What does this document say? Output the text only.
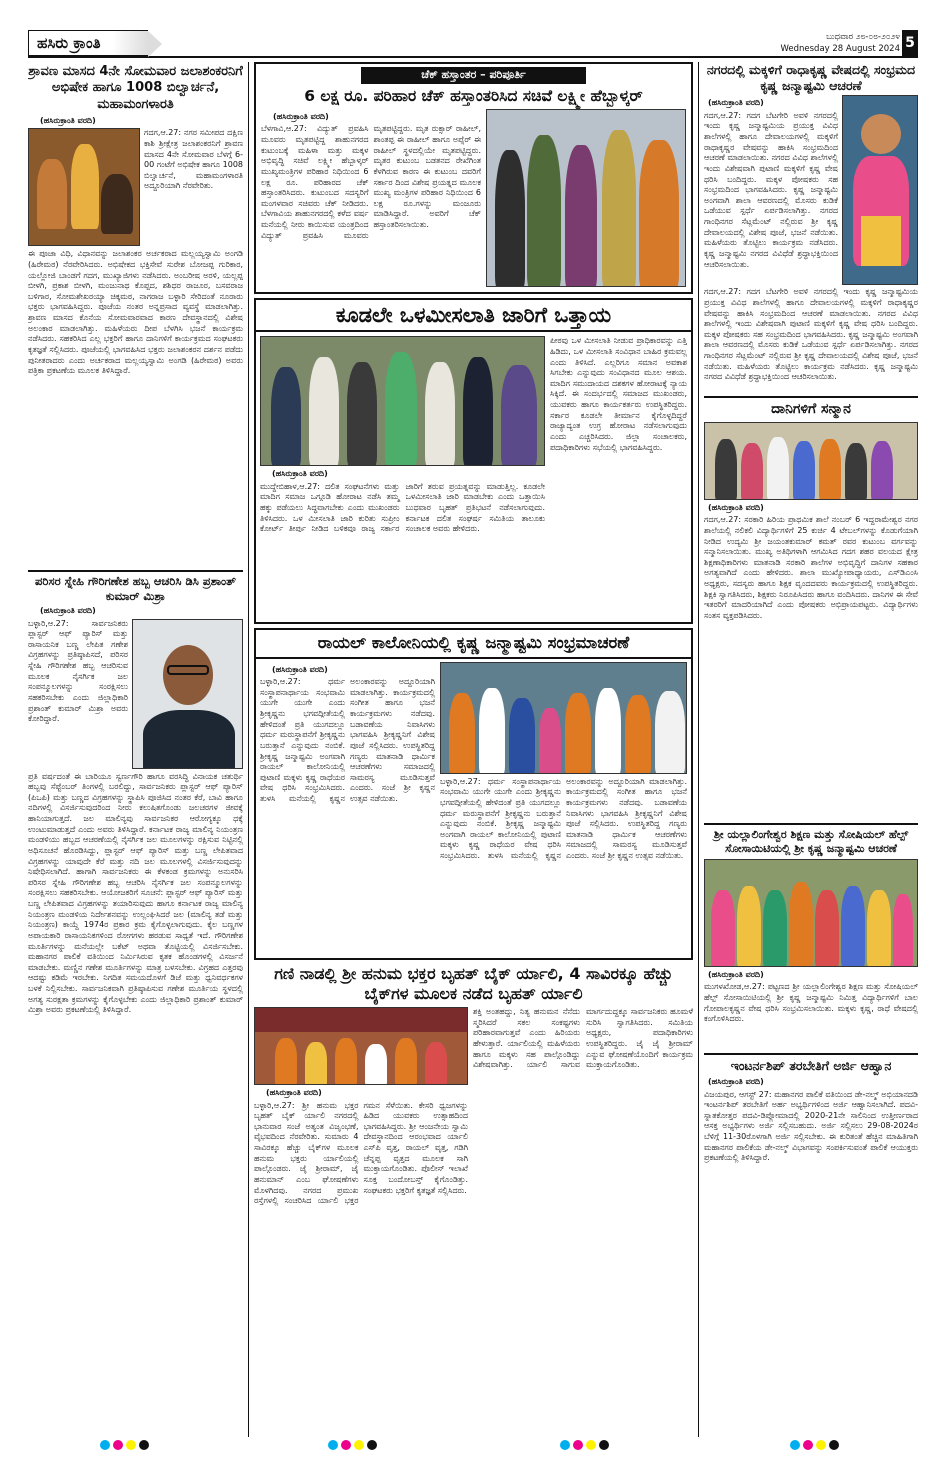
ಹಸಿರು ಕ್ರಾಂತಿ	ಬುಧವಾರ ೨೮-೦೮-೨೦೨೪
Wednesday 28 August 2024 5
ಶ್ರಾವಣ ಮಾಸದ 4ನೇ ಸೋಮವಾರ ಜಲಾಶಂಕರನಿಗೆ ಅಭಿಷೇಕ ಹಾಗೂ 1008 ಬಿಲ್ವಾರ್ಚನೆ, ಮಹಾಮಂಗಳಾರತಿ
(ಹಸಿರುಕ್ರಾಂತಿ ವರದಿ)
ಗದಗ,ಆ.27: ನಗರ ಸಮೀಪದ ದಕ್ಷಿಣ ಕಾಶಿ ಶ್ರೀಕ್ಷೇತ್ರ ಜಲಾಶಂಕರನಿಗೆ ಶ್ರಾವಣ ಮಾಸದ 4ನೇ ಸೋಮವಾರ ಬೆಳಗ್ಗೆ 6-00 ಗಂಟೆಗೆ ಅಭಿಷೇಕ ಹಾಗೂ 1008 ಬಿಲ್ವಾರ್ಚನೆ, ಮಹಾಮಂಗಳಾರತಿ ಅದ್ದೂರಿಯಾಗಿ ನೆರವೇರಿತು.
ಈ ಪೂಜಾ ವಿಧಿ, ವಿಧಾನವನ್ನು ಜಲಾಶಂಕರ ಅರ್ಚಕರಾದ ಮಲ್ಲಯ್ಯಸ್ವಾಮಿ ಅಂಗಡಿ (ಹಿರೇಮಠ) ನೆರವೇರಿಸಿದರು. ಅಭಿಷೇಕದ ಭಕ್ತಿಸೇವೆ ಸುರೇಶ ಬೋಜಪ್ಪ ಗುರಿಕಾರ, ಯಲ್ಲೋಜಿ ಬಾಂಡಗೆ ಗದಗ, ಮುಖ್ಯಾಜಿಗಳು ನಡೆಸಿದರು. ಅಂಬರೀಷ ಅರಳಿ, ಯಲ್ಲಪ್ಪ ಬೀಳಗಿ, ಪ್ರಕಾಶ ಬೀಳಗಿ, ಮಂಜುನಾಥ ಕೊಪ್ಪದ, ಶಶಿಧರ ರಾಜೂರ, ಬಸವರಾಜ ಬಳಿಗಾರ, ಸೋಮಶೇಖರಯ್ಯಾ ಚಿಕ್ಕಮಠ, ನಾಗರಾಜ ಬಳ್ಳಾರಿ ಸೇರಿದಂತೆ ನೂರಾರು ಭಕ್ತರು ಭಾಗವಹಿಸಿದ್ದರು. ಪೂಜೆಯ ನಂತರ ಅನ್ನಪ್ರಸಾದ ವ್ಯವಸ್ಥೆ ಮಾಡಲಾಗಿತ್ತು. ಶ್ರಾವಣ ಮಾಸದ ಕೊನೆಯ ಸೋಮವಾರವಾದ ಕಾರಣ ದೇವಸ್ಥಾನದಲ್ಲಿ ವಿಶೇಷ ಅಲಂಕಾರ ಮಾಡಲಾಗಿತ್ತು. ಮಹಿಳೆಯರು ದೀಪ ಬೆಳಗಿಸಿ ಭಜನೆ ಕಾರ್ಯಕ್ರಮ ನಡೆಸಿದರು. ಸಹಕರಿಸಿದ ಎಲ್ಲ ಭಕ್ತರಿಗೆ ಹಾಗೂ ದಾನಿಗಳಿಗೆ ಕಾರ್ಯಕ್ರಮದ ಸಂಘಟಕರು ಕೃತಜ್ಞತೆ ಸಲ್ಲಿಸಿದರು. ಪೂಜೆಯಲ್ಲಿ ಭಾಗವಹಿಸಿದ ಭಕ್ತರು ಜಲಾಶಂಕರನ ದರ್ಶನ ಪಡೆದು ಪುನೀತರಾದರು ಎಂದು ಅರ್ಚಕರಾದ ಮಲ್ಲಯ್ಯಸ್ವಾಮಿ ಅಂಗಡಿ (ಹಿರೇಮಠ) ಅವರು ಪತ್ರಿಕಾ ಪ್ರಕಟಣೆಯ ಮೂಲಕ ತಿಳಿಸಿದ್ದಾರೆ.
ಪರಿಸರ ಸ್ನೇಹಿ ಗೌರಿಗಣೇಶ ಹಬ್ಬ ಆಚರಿಸಿ ಡಿಸಿ ಪ್ರಶಾಂತ್ ಕುಮಾರ್ ಮಿಶ್ರಾ
(ಹಸಿರುಕ್ರಾಂತಿ ವರದಿ)
ಬಳ್ಳಾರಿ,ಆ.27: ಸಾರ್ವಜನಿಕರು ಪ್ಲಾಸ್ಟರ್ ಆಫ್ ಪ್ಯಾರಿಸ್ ಮತ್ತು ರಾಸಾಯನಿಕ ಬಣ್ಣ ಲೇಪಿತ ಗಣೇಶ ವಿಗ್ರಹಗಳನ್ನು ಪ್ರತಿಷ್ಠಾಪಿಸದೆ, ಪರಿಸರ ಸ್ನೇಹಿ ಗೌರಿಗಣೇಶ ಹಬ್ಬ ಆಚರಿಸುವ ಮೂಲಕ ನೈಸರ್ಗಿಕ ಜಲ ಸಂಪನ್ಮೂಲಗಳನ್ನು ಸಂರಕ್ಷಿಸಲು ಸಹಕರಿಸಬೇಕು ಎಂದು ಜಿಲ್ಲಾಧಿಕಾರಿ ಪ್ರಶಾಂತ್ ಕುಮಾರ್ ಮಿಶ್ರಾ ಅವರು ಕೋರಿದ್ದಾರೆ.
ಪ್ರತಿ ವರ್ಷದಂತೆ ಈ ಬಾರಿಯೂ ಸ್ವರ್ಣಗೌರಿ ಹಾಗೂ ವರಸಿದ್ಧಿ ವಿನಾಯಕ ಚತುರ್ಥಿ ಹಬ್ಬವು ಸೆಪ್ಟೆಂಬರ್ ತಿಂಗಳಲ್ಲಿ ಬರಲಿದ್ದು, ಸಾರ್ವಜನಿಕರು ಪ್ಲಾಸ್ಟರ್ ಆಫ್ ಪ್ಯಾರಿಸ್ (ಪಿಒಪಿ) ಮತ್ತು ಬಣ್ಣದ ವಿಗ್ರಹಗಳನ್ನು ಸ್ಥಾಪಿಸಿ ಪೂಜಿಸಿದ ನಂತರ ಕೆರೆ, ಬಾವಿ ಹಾಗೂ ನದಿಗಳಲ್ಲಿ ವಿಸರ್ಜಿಸುವುದರಿಂದ ನೀರು ಕಲುಷಿತಗೊಂಡು ಜಲಚರಗಳ ಜೀವಕ್ಕೆ ಹಾನಿಯಾಗುತ್ತದೆ. ಜಲ ಮಾಲಿನ್ಯವು ಸಾರ್ವಜನಿಕರ ಆರೋಗ್ಯಕ್ಕೂ ಧಕ್ಕೆ ಉಂಟುಮಾಡುತ್ತದೆ ಎಂದು ಅವರು ತಿಳಿಸಿದ್ದಾರೆ. ಕರ್ನಾಟಕ ರಾಜ್ಯ ಮಾಲಿನ್ಯ ನಿಯಂತ್ರಣ ಮಂಡಳಿಯು ಹಬ್ಬದ ಆಚರಣೆಯಲ್ಲಿ ನೈಸರ್ಗಿಕ ಜಲ ಮೂಲಗಳನ್ನು ರಕ್ಷಿಸುವ ನಿಟ್ಟಿನಲ್ಲಿ ಅಧಿಸೂಚನೆ ಹೊರಡಿಸಿದ್ದು, ಪ್ಲಾಸ್ಟರ್ ಆಫ್ ಪ್ಯಾರಿಸ್ ಮತ್ತು ಬಣ್ಣ ಲೇಪಿತವಾದ ವಿಗ್ರಹಗಳನ್ನು ಯಾವುದೇ ಕೆರೆ ಮತ್ತು ನದಿ ಜಲ ಮೂಲಗಳಲ್ಲಿ ವಿಸರ್ಜಿಸುವುದನ್ನು ನಿಷೇಧಿಸಲಾಗಿದೆ. ಹಾಗಾಗಿ ಸಾರ್ವಜನಿಕರು ಈ ಕೆಳಕಂಡ ಕ್ರಮಗಳನ್ನು ಅನುಸರಿಸಿ ಪರಿಸರ ಸ್ನೇಹಿ ಗೌರಿಗಣೇಶ ಹಬ್ಬ ಆಚರಿಸಿ ನೈಸರ್ಗಿಕ ಜಲ ಸಂಪನ್ಮೂಲಗಳನ್ನು ಸಂರಕ್ಷಿಸಲು ಸಹಕರಿಸಬೇಕು. ಆಯೋಜಕರಿಗೆ ಸೂಚನೆ: ಪ್ಲಾಸ್ಟರ್ ಆಫ್ ಪ್ಯಾರಿಸ್ ಮತ್ತು ಬಣ್ಣ ಲೇಪಿತವಾದ ವಿಗ್ರಹಗಳನ್ನು ತಯಾರಿಸುವುದು ಹಾಗೂ ಕರ್ನಾಟಕ ರಾಜ್ಯ ಮಾಲಿನ್ಯ ನಿಯಂತ್ರಣ ಮಂಡಳಿಯ ನಿರ್ದೇಶನವನ್ನು ಉಲ್ಲಂಘಿಸಿದರೆ ಜಲ (ಮಾಲಿನ್ಯ ತಡೆ ಮತ್ತು ನಿಯಂತ್ರಣ) ಕಾಯ್ದೆ 1974ರ ಪ್ರಕಾರ ಕ್ರಮ ಕೈಗೊಳ್ಳಲಾಗುವುದು. ಕೈಲ ಬಣ್ಣಗಳ ಅಪಾಯಕಾರಿ ರಾಸಾಯನಿಕಗಳಿಂದ ರೋಗಗಳು ಹರಡುವ ಸಾಧ್ಯತೆ ಇದೆ. ಗೌರಿಗಣೇಶ ಮೂರ್ತಿಗಳನ್ನು ಮನೆಯಲ್ಲೇ ಬಕೆಟ್ ಅಥವಾ ತೊಟ್ಟಿಯಲ್ಲಿ ವಿಸರ್ಜಿಸಬೇಕು. ಮಹಾನಗರ ಪಾಲಿಕೆ ವತಿಯಿಂದ ನಿರ್ಮಿಸಿರುವ ಕೃತಕ ಹೊಂಡಗಳಲ್ಲಿ ವಿಸರ್ಜನೆ ಮಾಡಬೇಕು. ಮಣ್ಣಿನ ಗಣೇಶ ಮೂರ್ತಿಗಳನ್ನು ಮಾತ್ರ ಬಳಸಬೇಕು. ವಿಗ್ರಹದ ಎತ್ತರವು ಆದಷ್ಟು ಕಡಿಮೆ ಇರಬೇಕು. ನಿಗದಿತ ಸಮಯದೊಳಗೆ ಡಿಜೆ ಮತ್ತು ಧ್ವನಿವರ್ಧಕಗಳ ಬಳಕೆ ನಿಲ್ಲಿಸಬೇಕು. ಸಾರ್ವಜನಿಕವಾಗಿ ಪ್ರತಿಷ್ಠಾಪಿಸುವ ಗಣೇಶ ಮೂರ್ತಿಯ ಸ್ಥಳದಲ್ಲಿ ಅಗತ್ಯ ಸುರಕ್ಷತಾ ಕ್ರಮಗಳನ್ನು ಕೈಗೊಳ್ಳಬೇಕು ಎಂದು ಜಿಲ್ಲಾಧಿಕಾರಿ ಪ್ರಶಾಂತ್ ಕುಮಾರ್ ಮಿಶ್ರಾ ಅವರು ಪ್ರಕಟಣೆಯಲ್ಲಿ ತಿಳಿಸಿದ್ದಾರೆ.
ಚೆಕ್ ಹಸ್ತಾಂತರ – ಪರಿಪೂರ್ತಿ
6 ಲಕ್ಷ ರೂ. ಪರಿಹಾರ ಚೆಕ್ ಹಸ್ತಾಂತರಿಸಿದ ಸಚಿವೆ ಲಕ್ಷ್ಮೀ ಹೆಬ್ಬಾಳ್ಕರ್
(ಹಸಿರುಕ್ರಾಂತಿ ವರದಿ)
ಬೆಳಗಾವಿ,ಆ.27: ವಿದ್ಯುತ್ ಪ್ರವಹಿಸಿ ಮೂವರು ಮೃತಪಟ್ಟಿದ್ದ ಶಾಹುನಗರದ ಕುಟುಂಬಕ್ಕೆ ಮಹಿಳಾ ಮತ್ತು ಮಕ್ಕಳ ಅಭಿವೃದ್ಧಿ ಸಚಿವೆ ಲಕ್ಷ್ಮೀ ಹೆಬ್ಬಾಳ್ಕರ್ ಮುಖ್ಯಮಂತ್ರಿಗಳ ಪರಿಹಾರ ನಿಧಿಯಿಂದ 6 ಲಕ್ಷ ರೂ. ಪರಿಹಾರದ ಚೆಕ್ ಹಸ್ತಾಂತರಿಸಿದರು. ಕುಟುಂಬದ ಸದಸ್ಯರಿಗೆ ಮಂಗಳವಾರ ಸಚಿವರು ಚೆಕ್ ನೀಡಿದರು. ಬೆಳಗಾವಿಯ ಶಾಹುನಗರದಲ್ಲಿ ಕಳೆದ ವರ್ಷ ಮನೆಯಲ್ಲಿ ನೀರು ಕಾಯಿಸುವ ಯಂತ್ರದಿಂದ ವಿದ್ಯುತ್ ಪ್ರವಹಿಸಿ ಮೂವರು ಮೃತಪಟ್ಟಿದ್ದರು. ಮೃತ ರುಕ್ಸಾರ್ ರಾಹೀಲ್, ಶಾಂತಪ್ಪ ಈ ರಾಹೀಲ್ ಹಾಗೂ ಅಪ್ಸೆರ್ ಈ ರಾಹೀಲ್ ಸ್ಥಳದಲ್ಲಿಯೇ ಮೃತಪಟ್ಟಿದ್ದರು. ಮೃತರ ಕುಟುಂಬ ಬಡತನದ ರೇಖೆಗಿಂತ ಕೆಳಗಿರುವ ಕಾರಣ ಈ ಕುಟುಂಬ ದವರಿಗೆ ಸರ್ಕಾರ ದಿಂದ ವಿಶೇಷ ಪ್ರಯತ್ನದ ಮೂಲಕ ಮುಖ್ಯ ಮಂತ್ರಿಗಳ ಪರಿಹಾರ ನಿಧಿಯಿಂದ 6 ಲಕ್ಷ ರೂ.ಗಳನ್ನು ಮಂಜೂರು ಮಾಡಿಸಿದ್ದಾರೆ. ಅವರಿಗೆ ಚೆಕ್ ಹಸ್ತಾಂತರಿಸಲಾಯಿತು.
ಕೂಡಲೇ ಒಳಮೀಸಲಾತಿ ಜಾರಿಗೆ ಒತ್ತಾಯ
(ಹಸಿರುಕ್ರಾಂತಿ ವರದಿ)
ಮುದ್ದೇಬಿಹಾಳ,ಆ.27: ದಲಿತ ಸಂಘಟನೆಗಳು ಮತ್ತು ಮಾದಿಗ ಸಮಾಜ ಒಗ್ಗೂಡಿ ಹೋರಾಟ ನಡೆಸಿ ತಮ್ಮ ಹಕ್ಕು ಪಡೆಯಲು ಸಿದ್ಧವಾಗಬೇಕು ಎಂದು ಮುಖಂಡರು ತಿಳಿಸಿದರು. ಒಳ ಮೀಸಲಾತಿ ಜಾರಿ ಕುರಿತು ಸುಪ್ರೀಂ ಕೋರ್ಟ್ ತೀರ್ಪು ನೀಡಿದ ಬಳಿಕವೂ ರಾಜ್ಯ ಸರ್ಕಾರ ಜಾರಿಗೆ ತರುವ ಪ್ರಯತ್ನವನ್ನು ಮಾಡುತ್ತಿಲ್ಲ. ಕೂಡಲೇ ಒಳಮೀಸಲಾತಿ ಜಾರಿ ಮಾಡಬೇಕು ಎಂದು ಒತ್ತಾಯಿಸಿ ಬುಧವಾರ ಬೃಹತ್ ಪ್ರತಿಭಟನೆ ನಡೆಸಲಾಗುವುದು. ಕರ್ನಾಟಕ ದಲಿತ ಸಂಘರ್ಷ ಸಮಿತಿಯ ತಾಲೂಕು ಸಂಚಾಲಕ ಅವರು ಹೇಳಿದರು.
ಪೀಠವು ಒಳ ಮೀಸಲಾತಿ ನೀಡುವ ಪ್ರಾಧಿಕಾರವನ್ನು ಎತ್ತಿ ಹಿಡಿದು, ಒಳ ಮೀಸಲಾತಿ ಸಂವಿಧಾನ ಬಾಹಿರ ಕ್ರಮವಲ್ಲ ಎಂದು ತಿಳಿಸಿದೆ. ಎಲ್ಲರಿಗೂ ಸಮಾನ ಅವಕಾಶ ಸಿಗಬೇಕು ಎನ್ನುವುದು ಸಂವಿಧಾನದ ಮೂಲ ಆಶಯ. ಮಾದಿಗ ಸಮುದಾಯದ ದಶಕಗಳ ಹೋರಾಟಕ್ಕೆ ನ್ಯಾಯ ಸಿಕ್ಕಿದೆ. ಈ ಸಂದರ್ಭದಲ್ಲಿ ಸಮಾಜದ ಮುಖಂಡರು, ಯುವಕರು ಹಾಗೂ ಕಾರ್ಯಕರ್ತರು ಉಪಸ್ಥಿತರಿದ್ದರು. ಸರ್ಕಾರ ಕೂಡಲೇ ತೀರ್ಮಾನ ಕೈಗೊಳ್ಳದಿದ್ದರೆ ರಾಜ್ಯಾದ್ಯಂತ ಉಗ್ರ ಹೋರಾಟ ನಡೆಸಲಾಗುವುದು ಎಂದು ಎಚ್ಚರಿಸಿದರು. ಜಿಲ್ಲಾ ಸಂಚಾಲಕರು, ಪದಾಧಿಕಾರಿಗಳು ಸಭೆಯಲ್ಲಿ ಭಾಗವಹಿಸಿದ್ದರು.
ರಾಯಲ್ ಕಾಲೋನಿಯಲ್ಲಿ ಕೃಷ್ಣ ಜನ್ಮಾಷ್ಟಮಿ ಸಂಭ್ರಮಾಚರಣೆ
(ಹಸಿರುಕ್ರಾಂತಿ ವರದಿ)
ಬಳ್ಳಾರಿ,ಆ.27: ಧರ್ಮ ಸಂಸ್ಥಾಪನಾರ್ಥಾಯ ಸಂಭವಾಮಿ ಯುಗೇ ಯುಗೇ ಎಂದು ಶ್ರೀಕೃಷ್ಣನು ಭಗವದ್ಗೀತೆಯಲ್ಲಿ ಹೇಳಿದಂತೆ ಪ್ರತಿ ಯುಗದಲ್ಲೂ ಧರ್ಮ ಮರುಸ್ಥಾಪನೆಗೆ ಶ್ರೀಕೃಷ್ಣನು ಬರುತ್ತಾನೆ ಎನ್ನುವುದು ನಂಬಿಕೆ. ಶ್ರೀಕೃಷ್ಣ ಜನ್ಮಾಷ್ಟಮಿ ಅಂಗವಾಗಿ ರಾಯಲ್ ಕಾಲೋನಿಯಲ್ಲಿ ಪುಟಾಣಿ ಮಕ್ಕಳು ಕೃಷ್ಣ ರಾಧೆಯರ ವೇಷ ಧರಿಸಿ ಸಂಭ್ರಮಿಸಿದರು. ತುಳಸಿ ಮನೆಯಲ್ಲಿ ಕೃಷ್ಣನ ಅಲಂಕಾರವನ್ನು ಅದ್ದೂರಿಯಾಗಿ ಮಾಡಲಾಗಿತ್ತು. ಕಾರ್ಯಕ್ರಮದಲ್ಲಿ ಸಂಗೀತ ಹಾಗೂ ಭಜನೆ ಕಾರ್ಯಕ್ರಮಗಳು ನಡೆದವು. ಬಡಾವಣೆಯ ನಿವಾಸಿಗಳು ಭಾಗವಹಿಸಿ ಶ್ರೀಕೃಷ್ಣನಿಗೆ ವಿಶೇಷ ಪೂಜೆ ಸಲ್ಲಿಸಿದರು. ಉಪಸ್ಥಿತರಿದ್ದ ಗಣ್ಯರು ಮಾತನಾಡಿ ಧಾರ್ಮಿಕ ಆಚರಣೆಗಳು ಸಮಾಜದಲ್ಲಿ ಸಾಮರಸ್ಯ ಮೂಡಿಸುತ್ತವೆ ಎಂದರು. ಸಂಜೆ ಶ್ರೀ ಕೃಷ್ಣನ ಉತ್ಸವ ನಡೆಯಿತು.
ಬಳ್ಳಾರಿ,ಆ.27: ಧರ್ಮ ಸಂಸ್ಥಾಪನಾರ್ಥಾಯ ಸಂಭವಾಮಿ ಯುಗೇ ಯುಗೇ ಎಂದು ಶ್ರೀಕೃಷ್ಣನು ಭಗವದ್ಗೀತೆಯಲ್ಲಿ ಹೇಳಿದಂತೆ ಪ್ರತಿ ಯುಗದಲ್ಲೂ ಧರ್ಮ ಮರುಸ್ಥಾಪನೆಗೆ ಶ್ರೀಕೃಷ್ಣನು ಬರುತ್ತಾನೆ ಎನ್ನುವುದು ನಂಬಿಕೆ. ಶ್ರೀಕೃಷ್ಣ ಜನ್ಮಾಷ್ಟಮಿ ಅಂಗವಾಗಿ ರಾಯಲ್ ಕಾಲೋನಿಯಲ್ಲಿ ಪುಟಾಣಿ ಮಕ್ಕಳು ಕೃಷ್ಣ ರಾಧೆಯರ ವೇಷ ಧರಿಸಿ ಸಂಭ್ರಮಿಸಿದರು. ತುಳಸಿ ಮನೆಯಲ್ಲಿ ಕೃಷ್ಣನ ಅಲಂಕಾರವನ್ನು ಅದ್ದೂರಿಯಾಗಿ ಮಾಡಲಾಗಿತ್ತು. ಕಾರ್ಯಕ್ರಮದಲ್ಲಿ ಸಂಗೀತ ಹಾಗೂ ಭಜನೆ ಕಾರ್ಯಕ್ರಮಗಳು ನಡೆದವು. ಬಡಾವಣೆಯ ನಿವಾಸಿಗಳು ಭಾಗವಹಿಸಿ ಶ್ರೀಕೃಷ್ಣನಿಗೆ ವಿಶೇಷ ಪೂಜೆ ಸಲ್ಲಿಸಿದರು. ಉಪಸ್ಥಿತರಿದ್ದ ಗಣ್ಯರು ಮಾತನಾಡಿ ಧಾರ್ಮಿಕ ಆಚರಣೆಗಳು ಸಮಾಜದಲ್ಲಿ ಸಾಮರಸ್ಯ ಮೂಡಿಸುತ್ತವೆ ಎಂದರು. ಸಂಜೆ ಶ್ರೀ ಕೃಷ್ಣನ ಉತ್ಸವ ನಡೆಯಿತು.
ಗಣಿ ನಾಡಲ್ಲಿ ಶ್ರೀ ಹನುಮ ಭಕ್ತರ ಬೃಹತ್ ಬೈಕ್ ರ್ಯಾಲಿ, 4 ಸಾವಿರಕ್ಕೂ ಹೆಚ್ಚು ಬೈಕ್‌ಗಳ ಮೂಲಕ ನಡೆದ ಬೃಹತ್ ರ್ಯಾಲಿ
(ಹಸಿರುಕ್ರಾಂತಿ ವರದಿ)
ಬಳ್ಳಾರಿ,ಆ.27: ಶ್ರೀ ಹನುಮ ಭಕ್ತರ ಬೃಹತ್ ಬೈಕ್ ರ್ಯಾಲಿ ನಗರದಲ್ಲಿ ಭಾನುವಾರ ಸಂಜೆ ಅತ್ಯಂತ ವಿಜೃಂಭಣೆ, ವೈಭವದಿಂದ ನೆರವೇರಿತು. ಸುಮಾರು 4 ಸಾವಿರಕ್ಕೂ ಹೆಚ್ಚು ಬೈಕ್‌ಗಳ ಮೂಲಕ ಹನುಮ ಭಕ್ತರು ರ್ಯಾಲಿಯಲ್ಲಿ ಪಾಲ್ಗೊಂಡರು. ಜೈ ಶ್ರೀರಾಮ್, ಜೈ ಹನುಮಾನ್ ಎಂಬ ಘೋಷಣೆಗಳು ಮೊಳಗಿದವು. ನಗರದ ಪ್ರಮುಖ ರಸ್ತೆಗಳಲ್ಲಿ ಸಂಚರಿಸಿದ ರ್ಯಾಲಿ ಭಕ್ತರ ಗಮನ ಸೆಳೆಯಿತು. ಕೇಸರಿ ಧ್ವಜಗಳನ್ನು ಹಿಡಿದ ಯುವಕರು ಉತ್ಸಾಹದಿಂದ ಭಾಗವಹಿಸಿದ್ದರು. ಶ್ರೀ ಆಂಜನೇಯ ಸ್ವಾಮಿ ದೇವಸ್ಥಾನದಿಂದ ಆರಂಭವಾದ ರ್ಯಾಲಿ ಎಸ್‌ಪಿ ವೃತ್ತ, ರಾಯಲ್ ವೃತ್ತ, ಗಡಿಗಿ ಚೆನ್ನಪ್ಪ ವೃತ್ತದ ಮೂಲಕ ಸಾಗಿ ಮುಕ್ತಾಯಗೊಂಡಿತು. ಪೊಲೀಸ್ ಇಲಾಖೆ ಸೂಕ್ತ ಬಂದೋಬಸ್ತ್ ಕೈಗೊಂಡಿತ್ತು. ಸಂಘಟಕರು ಭಕ್ತರಿಗೆ ಕೃತಜ್ಞತೆ ಸಲ್ಲಿಸಿದರು.
ಶಕ್ತಿ ಅಂತಹದ್ದು, ನಿತ್ಯ ಹನುಮನ ನೆನೆದು ಸ್ಮರಿಸಿದರೆ ಸಕಲ ಸಂಕಷ್ಟಗಳು ಪರಿಹಾರವಾಗುತ್ತವೆ ಎಂದು ಹಿರಿಯರು ಹೇಳುತ್ತಾರೆ. ರ್ಯಾಲಿಯಲ್ಲಿ ಮಹಿಳೆಯರು ಹಾಗೂ ಮಕ್ಕಳು ಸಹ ಪಾಲ್ಗೊಂಡಿದ್ದು ವಿಶೇಷವಾಗಿತ್ತು. ರ್ಯಾಲಿ ಸಾಗುವ ಮಾರ್ಗದುದ್ದಕ್ಕೂ ಸಾರ್ವಜನಿಕರು ಹೂಮಳೆ ಸುರಿಸಿ ಸ್ವಾಗತಿಸಿದರು. ಸಮಿತಿಯ ಅಧ್ಯಕ್ಷರು, ಪದಾಧಿಕಾರಿಗಳು ಉಪಸ್ಥಿತರಿದ್ದರು. ಜೈ ಜೈ ಶ್ರೀರಾಮ್ ಎನ್ನುವ ಘೋಷಣೆಯೊಂದಿಗೆ ಕಾರ್ಯಕ್ರಮ ಮುಕ್ತಾಯಗೊಂಡಿತು.
ನಗರದಲ್ಲಿ ಮಕ್ಕಳಿಗೆ ರಾಧಾಕೃಷ್ಣ ವೇಷದಲ್ಲಿ ಸಂಭ್ರಮದ ಕೃಷ್ಣ ಜನ್ಮಾಷ್ಟಮಿ ಆಚರಣೆ
(ಹಸಿರುಕ್ರಾಂತಿ ವರದಿ)
ಗದಗ,ಆ.27: ಗದಗ ಬೆಟಗೇರಿ ಅವಳಿ ನಗರದಲ್ಲಿ ಇಂದು ಕೃಷ್ಣ ಜನ್ಮಾಷ್ಟಮಿಯ ಪ್ರಯುಕ್ತ ವಿವಿಧ ಶಾಲೆಗಳಲ್ಲಿ ಹಾಗೂ ದೇವಾಲಯಗಳಲ್ಲಿ ಮಕ್ಕಳಿಗೆ ರಾಧಾಕೃಷ್ಣರ ವೇಷವನ್ನು ಹಾಕಿಸಿ ಸಂಭ್ರಮದಿಂದ ಆಚರಣೆ ಮಾಡಲಾಯಿತು. ನಗರದ ವಿವಿಧ ಶಾಲೆಗಳಲ್ಲಿ ಇಂದು ವಿಶೇಷವಾಗಿ ಪುಟಾಣಿ ಮಕ್ಕಳಿಗೆ ಕೃಷ್ಣ ವೇಷ ಧರಿಸಿ ಬಂದಿದ್ದರು. ಮಕ್ಕಳ ಪೋಷಕರು ಸಹ ಸಂಭ್ರಮದಿಂದ ಭಾಗವಹಿಸಿದರು. ಕೃಷ್ಣ ಜನ್ಮಾಷ್ಟಮಿ ಅಂಗವಾಗಿ ಶಾಲಾ ಆವರಣದಲ್ಲಿ ಮೊಸರು ಕುಡಿಕೆ ಒಡೆಯುವ ಸ್ಪರ್ಧೆ ಏರ್ಪಡಿಸಲಾಗಿತ್ತು. ನಗರದ ಗಾಂಧಿನಗರ ಸೆಟ್ಲಮೆಂಟ್ ನಲ್ಲಿರುವ ಶ್ರೀ ಕೃಷ್ಣ ದೇವಾಲಯದಲ್ಲಿ ವಿಶೇಷ ಪೂಜೆ, ಭಜನೆ ನಡೆಯಿತು. ಮಹಿಳೆಯರು ತೊಟ್ಟಿಲು ಕಾರ್ಯಕ್ರಮ ನಡೆಸಿದರು. ಕೃಷ್ಣ ಜನ್ಮಾಷ್ಟಮಿ ನಗರದ ವಿವಿಧೆಡೆ ಶ್ರದ್ಧಾಭಕ್ತಿಯಿಂದ ಆಚರಿಸಲಾಯಿತು.
ಗದಗ,ಆ.27: ಗದಗ ಬೆಟಗೇರಿ ಅವಳಿ ನಗರದಲ್ಲಿ ಇಂದು ಕೃಷ್ಣ ಜನ್ಮಾಷ್ಟಮಿಯ ಪ್ರಯುಕ್ತ ವಿವಿಧ ಶಾಲೆಗಳಲ್ಲಿ ಹಾಗೂ ದೇವಾಲಯಗಳಲ್ಲಿ ಮಕ್ಕಳಿಗೆ ರಾಧಾಕೃಷ್ಣರ ವೇಷವನ್ನು ಹಾಕಿಸಿ ಸಂಭ್ರಮದಿಂದ ಆಚರಣೆ ಮಾಡಲಾಯಿತು. ನಗರದ ವಿವಿಧ ಶಾಲೆಗಳಲ್ಲಿ ಇಂದು ವಿಶೇಷವಾಗಿ ಪುಟಾಣಿ ಮಕ್ಕಳಿಗೆ ಕೃಷ್ಣ ವೇಷ ಧರಿಸಿ ಬಂದಿದ್ದರು. ಮಕ್ಕಳ ಪೋಷಕರು ಸಹ ಸಂಭ್ರಮದಿಂದ ಭಾಗವಹಿಸಿದರು. ಕೃಷ್ಣ ಜನ್ಮಾಷ್ಟಮಿ ಅಂಗವಾಗಿ ಶಾಲಾ ಆವರಣದಲ್ಲಿ ಮೊಸರು ಕುಡಿಕೆ ಒಡೆಯುವ ಸ್ಪರ್ಧೆ ಏರ್ಪಡಿಸಲಾಗಿತ್ತು. ನಗರದ ಗಾಂಧಿನಗರ ಸೆಟ್ಲಮೆಂಟ್ ನಲ್ಲಿರುವ ಶ್ರೀ ಕೃಷ್ಣ ದೇವಾಲಯದಲ್ಲಿ ವಿಶೇಷ ಪೂಜೆ, ಭಜನೆ ನಡೆಯಿತು. ಮಹಿಳೆಯರು ತೊಟ್ಟಿಲು ಕಾರ್ಯಕ್ರಮ ನಡೆಸಿದರು. ಕೃಷ್ಣ ಜನ್ಮಾಷ್ಟಮಿ ನಗರದ ವಿವಿಧೆಡೆ ಶ್ರದ್ಧಾಭಕ್ತಿಯಿಂದ ಆಚರಿಸಲಾಯಿತು.
ದಾನಿಗಳಿಗೆ ಸನ್ಮಾನ
(ಹಸಿರುಕ್ರಾಂತಿ ವರದಿ)
ಗದಗ,ಆ.27: ಸರಕಾರಿ ಹಿರಿಯ ಪ್ರಾಥಮಿಕ ಶಾಲೆ ನಂಬರ್ 6 ಇದ್ದರಾಮೇಶ್ವರ ನಗರ ಶಾಲೆಯಲ್ಲಿ ನಲಿಕಲಿ ವಿದ್ಯಾರ್ಥಿಗಳಿಗೆ 25 ಕುರ್ಚಿ 4 ಟೇಬಲ್‌ಗಳನ್ನು ಕೊಡುಗೆಯಾಗಿ ನೀಡಿದ ಉದ್ಯಮಿ ಶ್ರೀ ಜಯಂತಕುಮಾರ್ ಕಮತ್ ರವರ ಕುಟುಂಬ ವರ್ಗವನ್ನು ಸನ್ಮಾನಿಸಲಾಯಿತು. ಮುಖ್ಯ ಅತಿಥಿಗಳಾಗಿ ಆಗಮಿಸಿದ ಗದಗ ಶಹರ ವಲಯದ ಕ್ಷೇತ್ರ ಶಿಕ್ಷಣಾಧಿಕಾರಿಗಳು ಮಾತನಾಡಿ ಸರಕಾರಿ ಶಾಲೆಗಳ ಅಭಿವೃದ್ಧಿಗೆ ದಾನಿಗಳ ಸಹಕಾರ ಅಗತ್ಯವಾಗಿದೆ ಎಂದು ಹೇಳಿದರು. ಶಾಲಾ ಮುಖ್ಯೋಪಾಧ್ಯಾಯರು, ಎಸ್‌ಡಿಎಂಸಿ ಅಧ್ಯಕ್ಷರು, ಸದಸ್ಯರು ಹಾಗೂ ಶಿಕ್ಷಕ ವೃಂದದವರು ಕಾರ್ಯಕ್ರಮದಲ್ಲಿ ಉಪಸ್ಥಿತರಿದ್ದರು. ಶಿಕ್ಷಕಿ ಸ್ವಾಗತಿಸಿದರು, ಶಿಕ್ಷಕರು ನಿರೂಪಿಸಿದರು ಹಾಗೂ ವಂದಿಸಿದರು. ದಾನಿಗಳ ಈ ಸೇವೆ ಇತರರಿಗೆ ಮಾದರಿಯಾಗಿದೆ ಎಂದು ಪೋಷಕರು ಅಭಿಪ್ರಾಯಪಟ್ಟರು. ವಿದ್ಯಾರ್ಥಿಗಳು ಸಂತಸ ವ್ಯಕ್ತಪಡಿಸಿದರು.
ಶ್ರೀ ಯಲ್ಲಾಲಿಂಗೇಶ್ವರ ಶಿಕ್ಷಣ ಮತ್ತು ಸೋಷಿಯಲ್ ಹೆಲ್ಪ್ ಸೋಸಾಯಿಟಿಯಲ್ಲಿ ಶ್ರೀ ಕೃಷ್ಣ ಜನ್ಮಾಷ್ಟಮಿ ಆಚರಣೆ
(ಹಸಿರುಕ್ರಾಂತಿ ವರದಿ)
ಮುಗಳಖೋಡ,ಆ.27: ಪಟ್ಟಣದ ಶ್ರೀ ಯಲ್ಲಾಲಿಂಗೇಶ್ವರ ಶಿಕ್ಷಣ ಮತ್ತು ಸೋಷಿಯಲ್ ಹೆಲ್ಪ್ ಸೋಸಾಯಿಟಿಯಲ್ಲಿ ಶ್ರೀ ಕೃಷ್ಣ ಜನ್ಮಾಷ್ಟಮಿ ನಿಮಿತ್ತ ವಿದ್ಯಾರ್ಥಿಗಳಿಗೆ ಬಾಲ ಗೋಪಾಲಕೃಷ್ಣನ ವೇಷ ಧರಿಸಿ ಸಂಭ್ರಮಿಸಲಾಯಿತು. ಮಕ್ಕಳು ಕೃಷ್ಣ, ರಾಧೆ ವೇಷದಲ್ಲಿ ಕಂಗೊಳಿಸಿದರು.
ಇಂಟರ್ನಶಿಪ್ ತರಬೇತಿಗೆ ಅರ್ಜಿ ಆಹ್ವಾನ
(ಹಸಿರುಕ್ರಾಂತಿ ವರದಿ)
ವಿಜಯಪುರ, ಆಗಸ್ಟ್ 27: ಮಹಾನಗರ ಪಾಲಿಕೆ ವತಿಯಿಂದ ಡೇ-ನಲ್ಮ್ ಅಭಿಯಾನದಡಿ ಇಂಟರ್ನಶಿಪ್ ತರಬೇತಿಗೆ ಅರ್ಹ ಅಭ್ಯರ್ಥಿಗಳಿಂದ ಅರ್ಜಿ ಆಹ್ವಾನಿಸಲಾಗಿದೆ. ಪದವಿ-ಸ್ನಾತಕೋತ್ತರ ಪದವಿ-ಡಿಪ್ಲೋಮಾದಲ್ಲಿ 2020-21ನೇ ಸಾಲಿನಿಂದ ಉತ್ತೀರ್ಣರಾದ ಆಸಕ್ತ ಅಭ್ಯರ್ಥಿಗಳು ಅರ್ಜಿ ಸಲ್ಲಿಸಬಹುದು. ಅರ್ಜಿ ಸಲ್ಲಿಸಲು 29-08-2024ರ ಬೆಳಿಗ್ಗೆ 11-30ರೊಳಗಾಗಿ ಅರ್ಜಿ ಸಲ್ಲಿಸಬೇಕು. ಈ ಕುರಿತಂತೆ ಹೆಚ್ಚಿನ ಮಾಹಿತಿಗಾಗಿ ಮಹಾನಗರ ಪಾಲಿಕೆಯ ಡೇ-ನಲ್ಮ್ ವಿಭಾಗವನ್ನು ಸಂಪರ್ಕಿಸುವಂತೆ ಪಾಲಿಕೆ ಆಯುಕ್ತರು ಪ್ರಕಟಣೆಯಲ್ಲಿ ತಿಳಿಸಿದ್ದಾರೆ.
